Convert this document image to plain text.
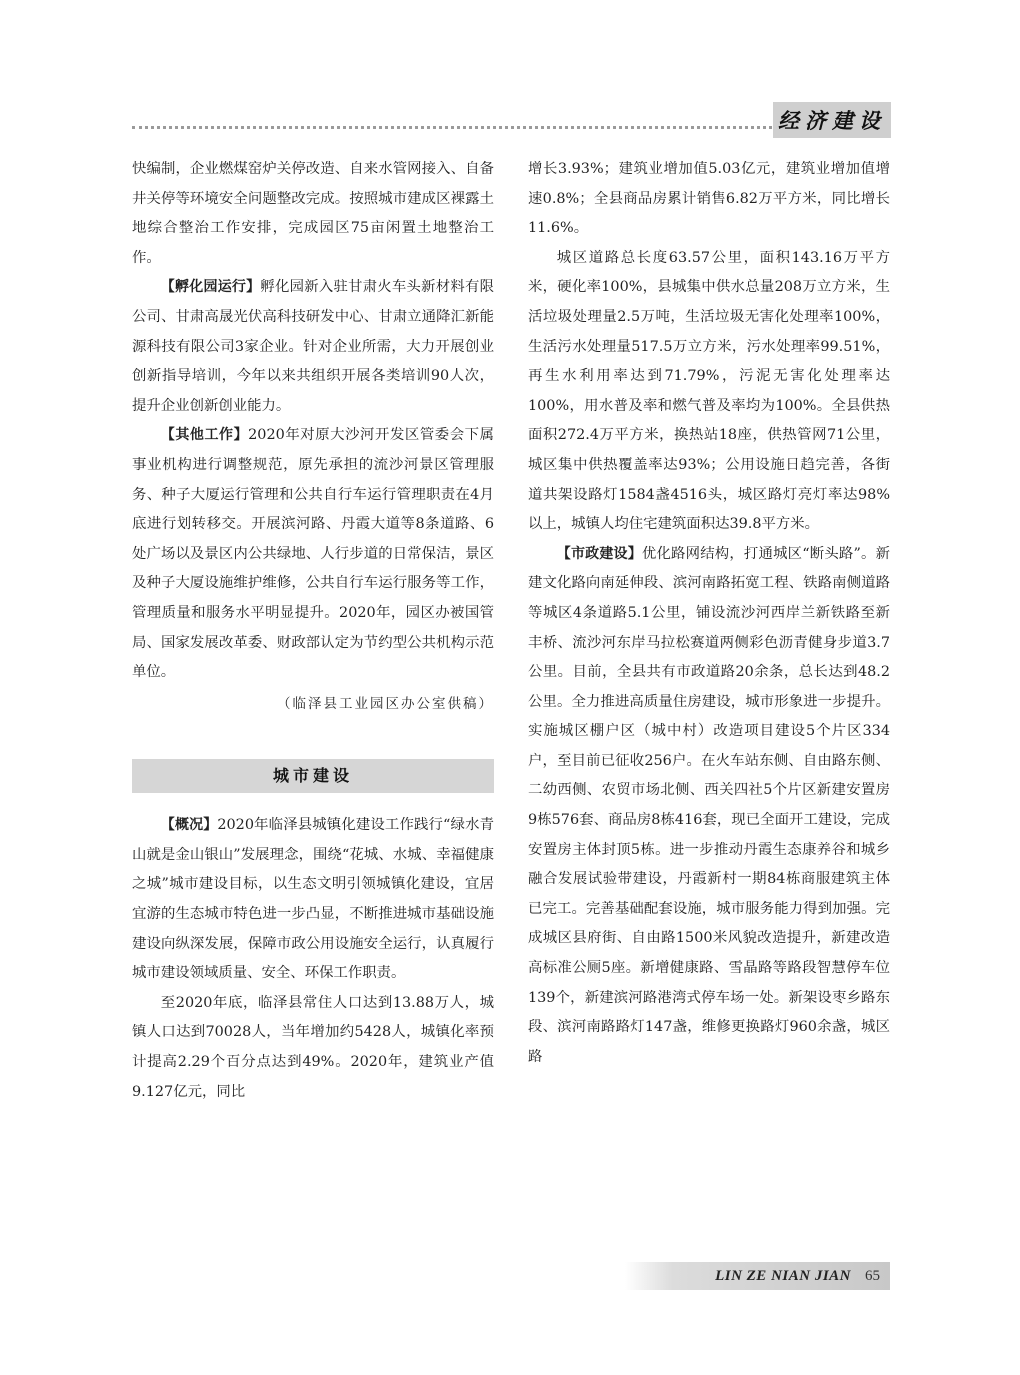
经济建设

快编制，企业燃煤窑炉关停改造、自来水管网接入、自备井关停等环境安全问题整改完成。按照城市建成区裸露土地综合整治工作安排，完成园区75亩闲置土地整治工作。

【孵化园运行】孵化园新入驻甘肃火车头新材料有限公司、甘肃高晟光伏高科技研发中心、甘肃立通降汇新能源科技有限公司3家企业。针对企业所需，大力开展创业创新指导培训，今年以来共组织开展各类培训90人次，提升企业创新创业能力。

【其他工作】2020年对原大沙河开发区管委会下属事业机构进行调整规范，原先承担的流沙河景区管理服务、种子大厦运行管理和公共自行车运行管理职责在4月底进行划转移交。开展滨河路、丹霞大道等8条道路、6处广场以及景区内公共绿地、人行步道的日常保洁，景区及种子大厦设施维护维修，公共自行车运行服务等工作，管理质量和服务水平明显提升。2020年，园区办被国管局、国家发展改革委、财政部认定为节约型公共机构示范单位。

（临泽县工业园区办公室供稿）
城市建设

【概况】2020年临泽县城镇化建设工作践行“绿水青山就是金山银山”发展理念，围绕“花城、水城、幸福健康之城”城市建设目标，以生态文明引领城镇化建设，宜居宜游的生态城市特色进一步凸显，不断推进城市基础设施建设向纵深发展，保障市政公用设施安全运行，认真履行城市建设领域质量、安全、环保工作职责。

至2020年底，临泽县常住人口达到13.88万人，城镇人口达到70028人，当年增加约5428人，城镇化率预计提高2.29个百分点达到49%。2020年，建筑业产值9.127亿元，同比

增长3.93%；建筑业增加值5.03亿元，建筑业增加值增速0.8%；全县商品房累计销售6.82万平方米，同比增长11.6%。

城区道路总长度63.57公里，面积143.16万平方米，硬化率100%，县城集中供水总量208万立方米，生活垃圾处理量2.5万吨，生活垃圾无害化处理率100%，生活污水处理量517.5万立方米，污水处理率99.51%，再生水利用率达到71.79%，污泥无害化处理率达100%，用水普及率和燃气普及率均为100%。全县供热面积272.4万平方米，换热站18座，供热管网71公里，城区集中供热覆盖率达93%；公用设施日趋完善，各街道共架设路灯1584盏4516头，城区路灯亮灯率达98%以上，城镇人均住宅建筑面积达39.8平方米。

【市政建设】优化路网结构，打通城区“断头路”。新建文化路向南延伸段、滨河南路拓宽工程、铁路南侧道路等城区4条道路5.1公里，铺设流沙河西岸兰新铁路至新丰桥、流沙河东岸马拉松赛道两侧彩色沥青健身步道3.7公里。目前，全县共有市政道路20余条，总长达到48.2公里。全力推进高质量住房建设，城市形象进一步提升。实施城区棚户区（城中村）改造项目建设5个片区334户，至目前已征收256户。在火车站东侧、自由路东侧、二幼西侧、农贸市场北侧、西关四社5个片区新建安置房9栋576套、商品房8栋416套，现已全面开工建设，完成安置房主体封顶5栋。进一步推动丹霞生态康养谷和城乡融合发展试验带建设，丹霞新村一期84栋商服建筑主体已完工。完善基础配套设施，城市服务能力得到加强。完成城区县府街、自由路1500米风貌改造提升，新建改造高标准公厕5座。新增健康路、雪晶路等路段智慧停车位139个，新建滨河路港湾式停车场一处。新架设枣乡路东段、滨河南路路灯147盏，维修更换路灯960余盏，城区路

LIN ZE NIAN JIAN 65
